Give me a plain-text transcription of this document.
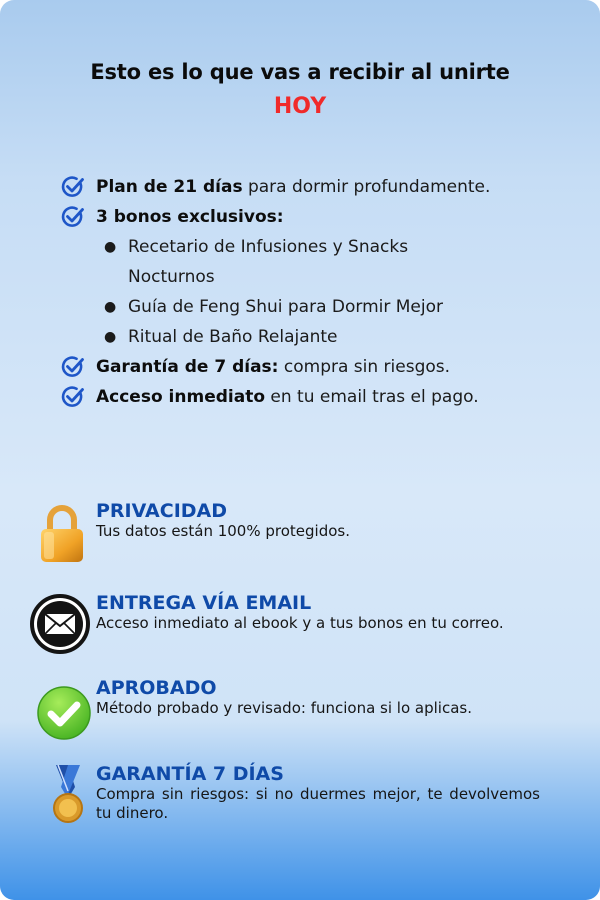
Esto es lo que vas a recibir al unirte
HOY
Plan de 21 días para dormir profundamente.
3 bonos exclusivos:
● Recetario de Infusiones y Snacks Nocturnos
● Guía de Feng Shui para Dormir Mejor
● Ritual de Baño Relajante
Garantía de 7 días: compra sin riesgos.
Acceso inmediato en tu email tras el pago.
PRIVACIDAD
Tus datos están 100% protegidos.
ENTREGA VÍA EMAIL
Acceso inmediato al ebook y a tus bonos en tu correo.
APROBADO
Método probado y revisado: funciona si lo aplicas.
GARANTÍA 7 DÍAS
Compra sin riesgos: si no duermes mejor, te devolvemos tu dinero.
